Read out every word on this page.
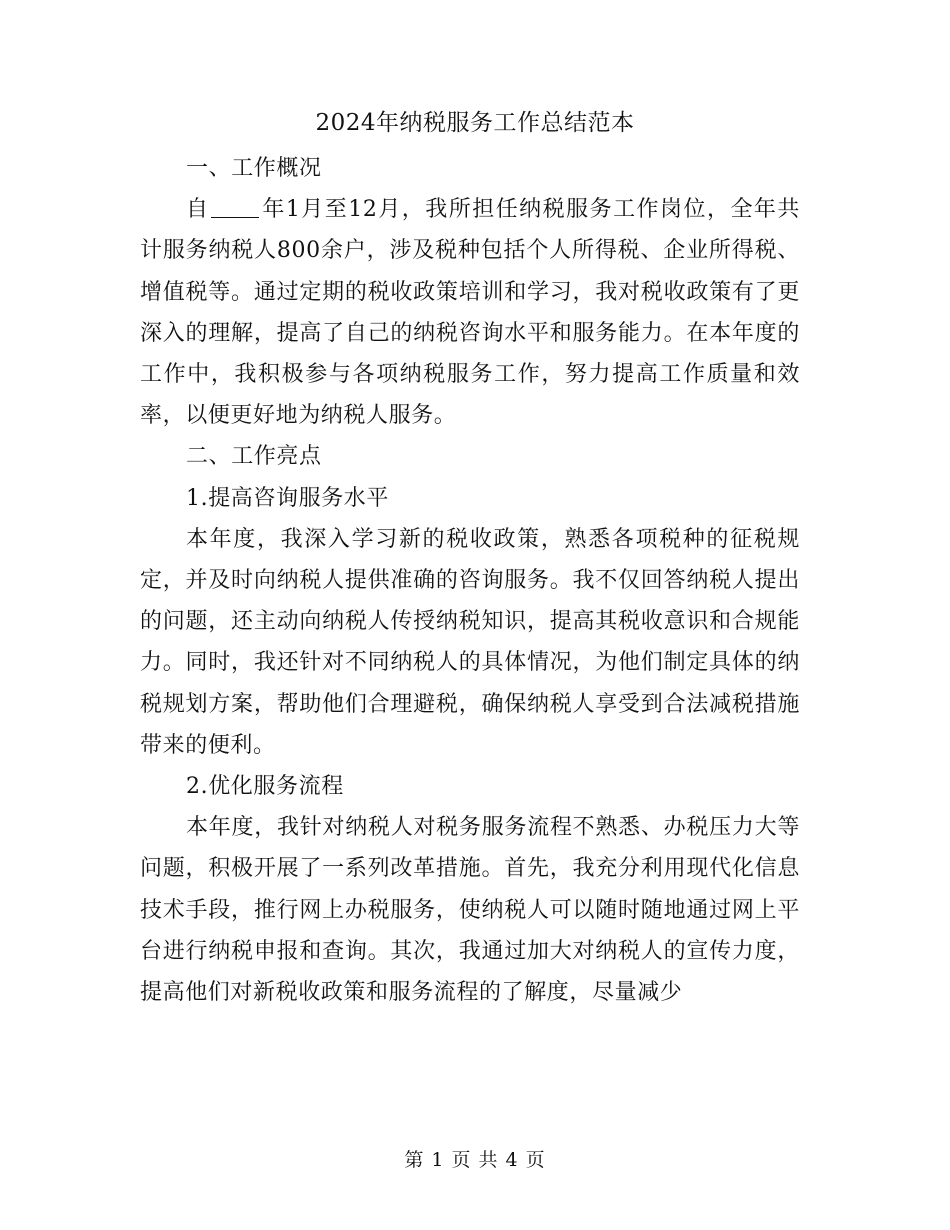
2024年纳税服务工作总结范本

一、工作概况

自 年1月至12月，我所担任纳税服务工作岗位，全年共计服务纳税人800余户，涉及税种包括个人所得税、企业所得税、增值税等。通过定期的税收政策培训和学习，我对税收政策有了更深入的理解，提高了自己的纳税咨询水平和服务能力。在本年度的工作中，我积极参与各项纳税服务工作，努力提高工作质量和效率，以便更好地为纳税人服务。

二、工作亮点

1.提高咨询服务水平

本年度，我深入学习新的税收政策，熟悉各项税种的征税规定，并及时向纳税人提供准确的咨询服务。我不仅回答纳税人提出的问题，还主动向纳税人传授纳税知识，提高其税收意识和合规能力。同时，我还针对不同纳税人的具体情况，为他们制定具体的纳税规划方案，帮助他们合理避税，确保纳税人享受到合法减税措施带来的便利。

2.优化服务流程

本年度，我针对纳税人对税务服务流程不熟悉、办税压力大等问题，积极开展了一系列改革措施。首先，我充分利用现代化信息技术手段，推行网上办税服务，使纳税人可以随时随地通过网上平台进行纳税申报和查询。其次，我通过加大对纳税人的宣传力度，提高他们对新税收政策和服务流程的了解度，尽量减少

第 1 页 共 4 页
